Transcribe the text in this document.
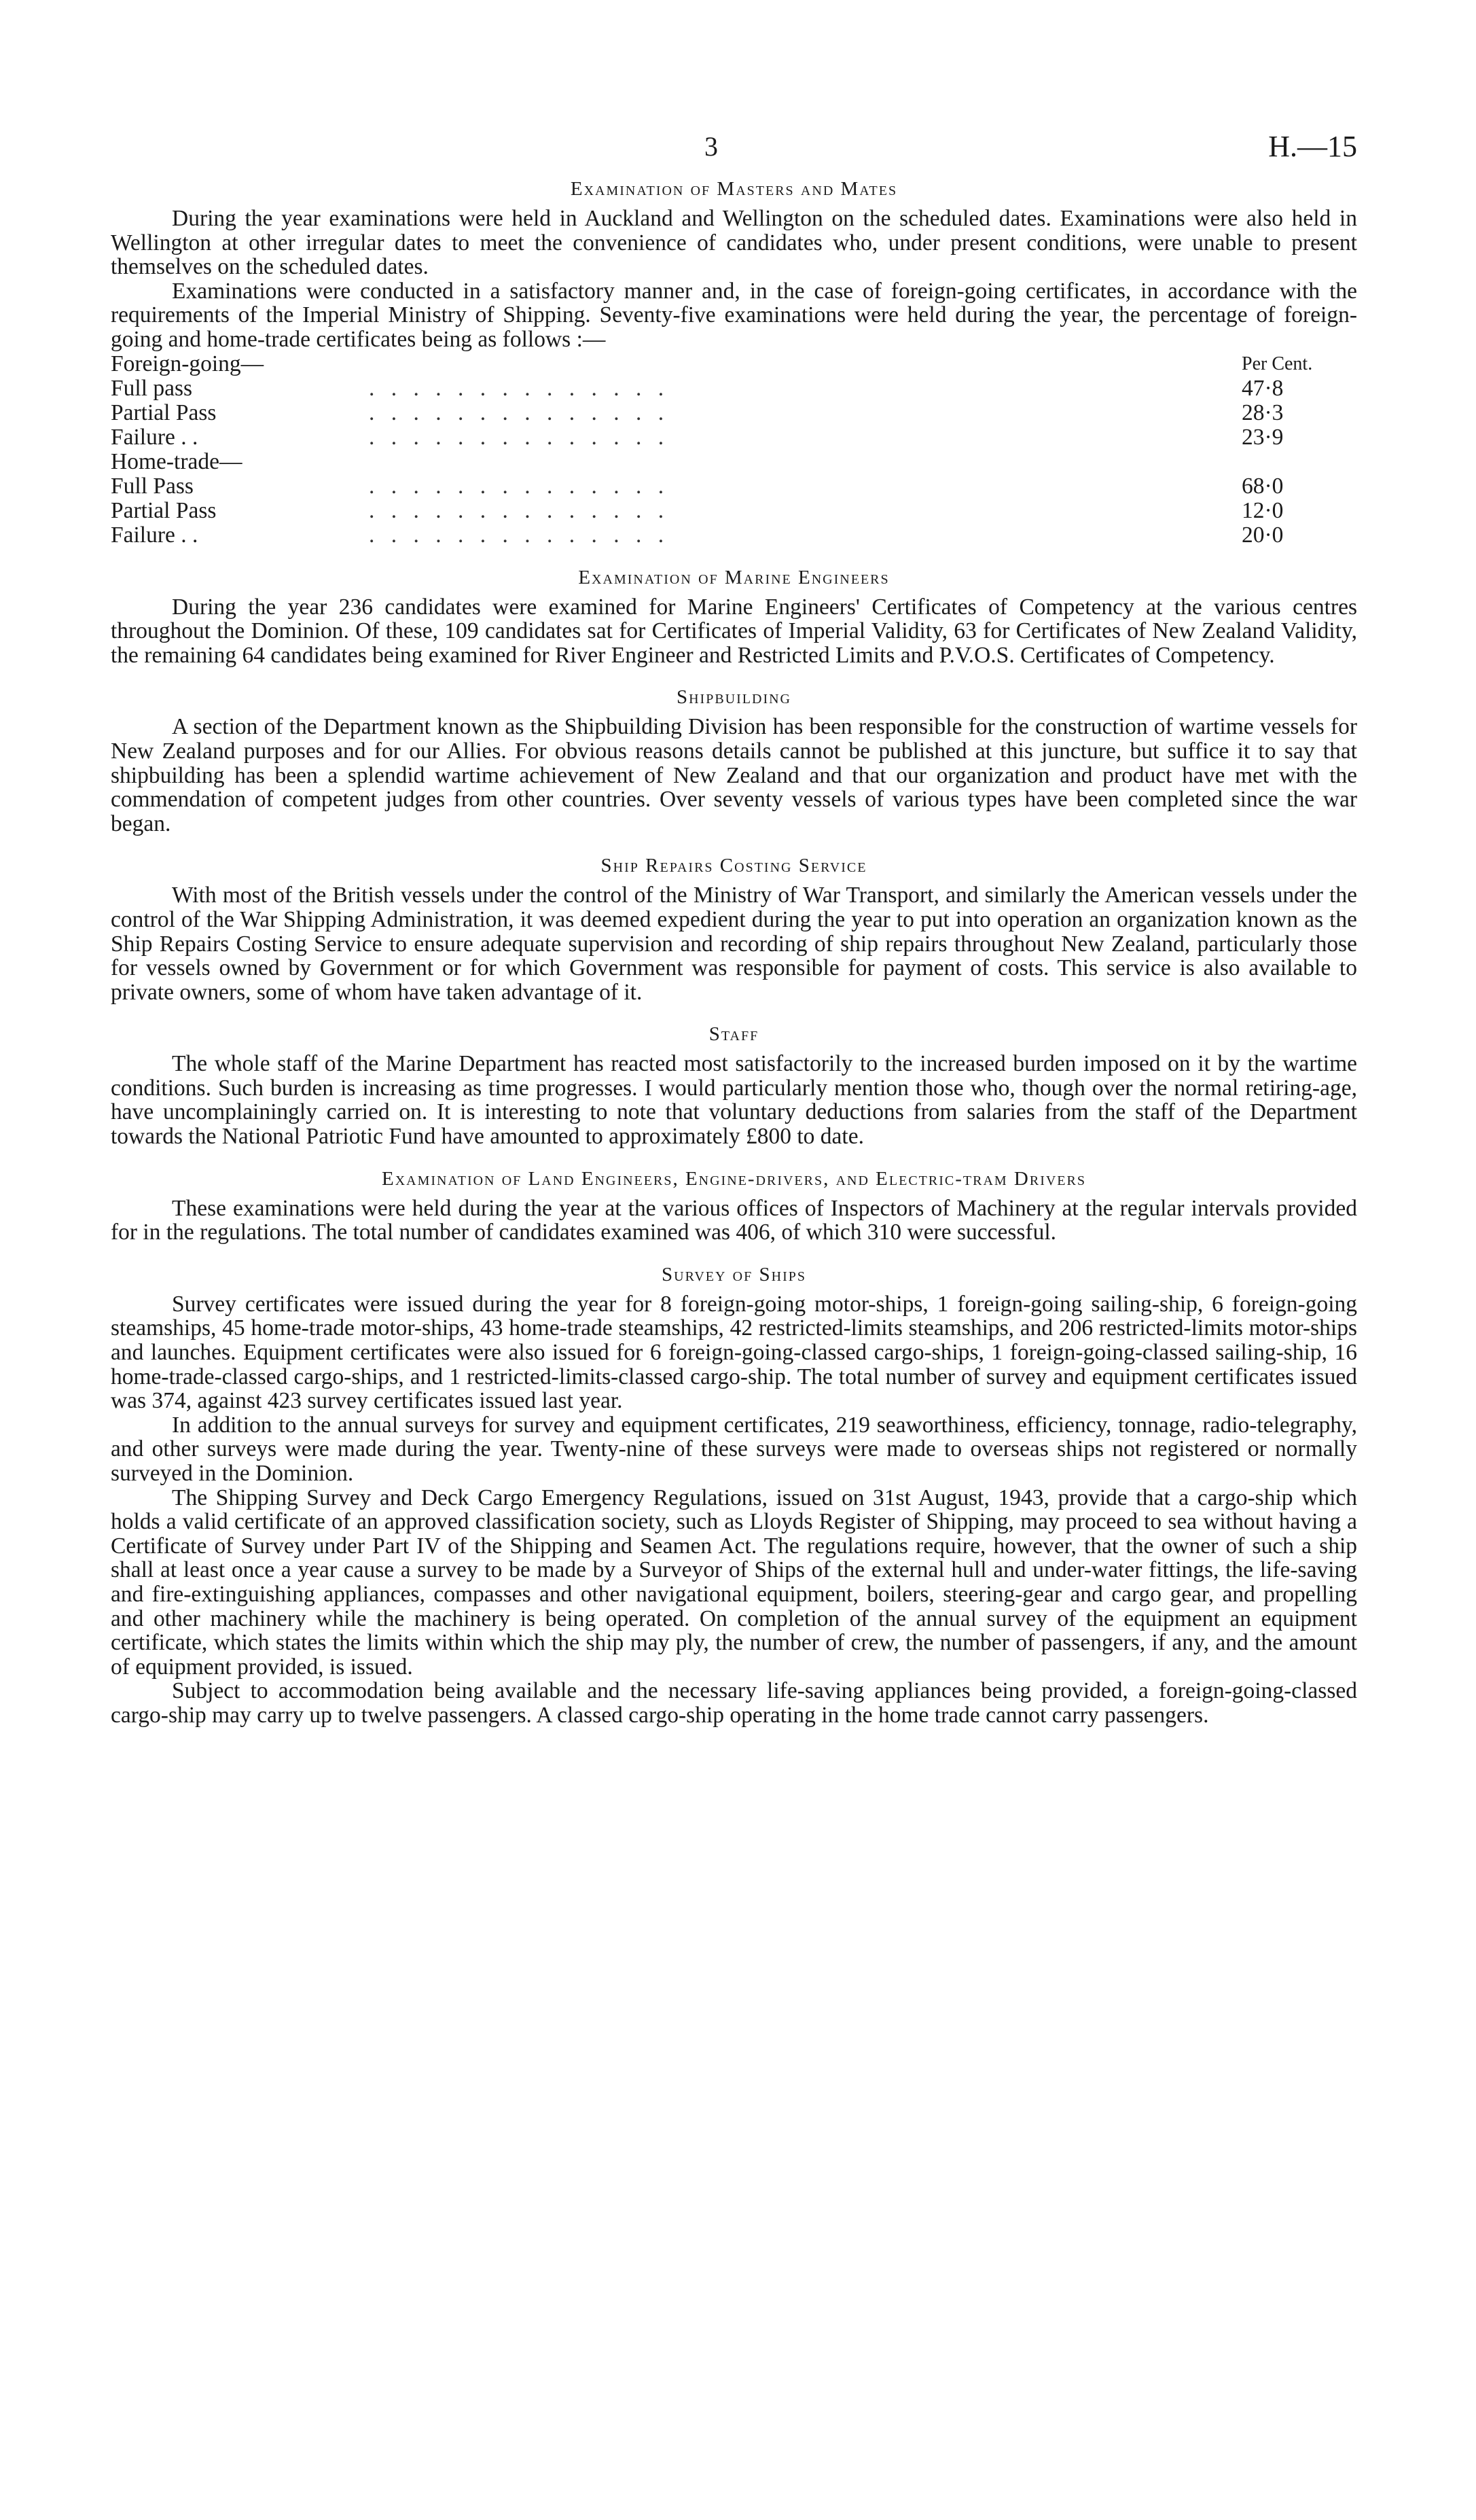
3	H.—15
Examination of Masters and Mates

During the year examinations were held in Auckland and Wellington on the scheduled dates. Examinations were also held in Wellington at other irregular dates to meet the convenience of candidates who, under present conditions, were unable to present themselves on the scheduled dates.

Examinations were conducted in a satisfactory manner and, in the case of foreign-going certificates, in accordance with the requirements of the Imperial Ministry of Shipping. Seventy-five examinations were held during the year, the percentage of foreign-going and home-trade certificates being as follows :—

Foreign-going—		Per Cent.
Full pass	. . . . . . . . . . . . . .	47·8
Partial Pass	. . . . . . . . . . . . . .	28·3
Failure . .	. . . . . . . . . . . . . .	23·9
Home-trade—		
Full Pass	. . . . . . . . . . . . . .	68·0
Partial Pass	. . . . . . . . . . . . . .	12·0
Failure . .	. . . . . . . . . . . . . .	20·0
Examination of Marine Engineers

During the year 236 candidates were examined for Marine Engineers' Certificates of Competency at the various centres throughout the Dominion. Of these, 109 candidates sat for Certificates of Imperial Validity, 63 for Certificates of New Zealand Validity, the remaining 64 candidates being examined for River Engineer and Restricted Limits and P.V.O.S. Certificates of Competency.

Shipbuilding

A section of the Department known as the Shipbuilding Division has been responsible for the construction of wartime vessels for New Zealand purposes and for our Allies. For obvious reasons details cannot be published at this juncture, but suffice it to say that shipbuilding has been a splendid wartime achievement of New Zealand and that our organization and product have met with the commendation of competent judges from other countries. Over seventy vessels of various types have been completed since the war began.

Ship Repairs Costing Service

With most of the British vessels under the control of the Ministry of War Transport, and similarly the American vessels under the control of the War Shipping Administration, it was deemed expedient during the year to put into operation an organization known as the Ship Repairs Costing Service to ensure adequate supervision and recording of ship repairs throughout New Zealand, particularly those for vessels owned by Government or for which Government was responsible for payment of costs. This service is also available to private owners, some of whom have taken advantage of it.

Staff

The whole staff of the Marine Department has reacted most satisfactorily to the increased burden imposed on it by the wartime conditions. Such burden is increasing as time progresses. I would particularly mention those who, though over the normal retiring-age, have uncomplainingly carried on. It is interesting to note that voluntary deductions from salaries from the staff of the Department towards the National Patriotic Fund have amounted to approximately £800 to date.

Examination of Land Engineers, Engine-drivers, and Electric-tram Drivers

These examinations were held during the year at the various offices of Inspectors of Machinery at the regular intervals provided for in the regulations. The total number of candidates examined was 406, of which 310 were successful.

Survey of Ships

Survey certificates were issued during the year for 8 foreign-going motor-ships, 1 foreign-going sailing-ship, 6 foreign-going steamships, 45 home-trade motor-ships, 43 home-trade steamships, 42 restricted-limits steamships, and 206 restricted-limits motor-ships and launches. Equipment certificates were also issued for 6 foreign-going-classed cargo-ships, 1 foreign-going-classed sailing-ship, 16 home-trade-classed cargo-ships, and 1 restricted-limits-classed cargo-ship. The total number of survey and equipment certificates issued was 374, against 423 survey certificates issued last year.

In addition to the annual surveys for survey and equipment certificates, 219 seaworthiness, efficiency, tonnage, radio-telegraphy, and other surveys were made during the year. Twenty-nine of these surveys were made to overseas ships not registered or normally surveyed in the Dominion.

The Shipping Survey and Deck Cargo Emergency Regulations, issued on 31st August, 1943, provide that a cargo-ship which holds a valid certificate of an approved classification society, such as Lloyds Register of Shipping, may proceed to sea without having a Certificate of Survey under Part IV of the Shipping and Seamen Act. The regulations require, however, that the owner of such a ship shall at least once a year cause a survey to be made by a Surveyor of Ships of the external hull and under-water fittings, the life-saving and fire-extinguishing appliances, compasses and other navigational equipment, boilers, steering-gear and cargo gear, and propelling and other machinery while the machinery is being operated. On completion of the annual survey of the equipment an equipment certificate, which states the limits within which the ship may ply, the number of crew, the number of passengers, if any, and the amount of equipment provided, is issued.

Subject to accommodation being available and the necessary life-saving appliances being provided, a foreign-going-classed cargo-ship may carry up to twelve passengers. A classed cargo-ship operating in the home trade cannot carry passengers.
